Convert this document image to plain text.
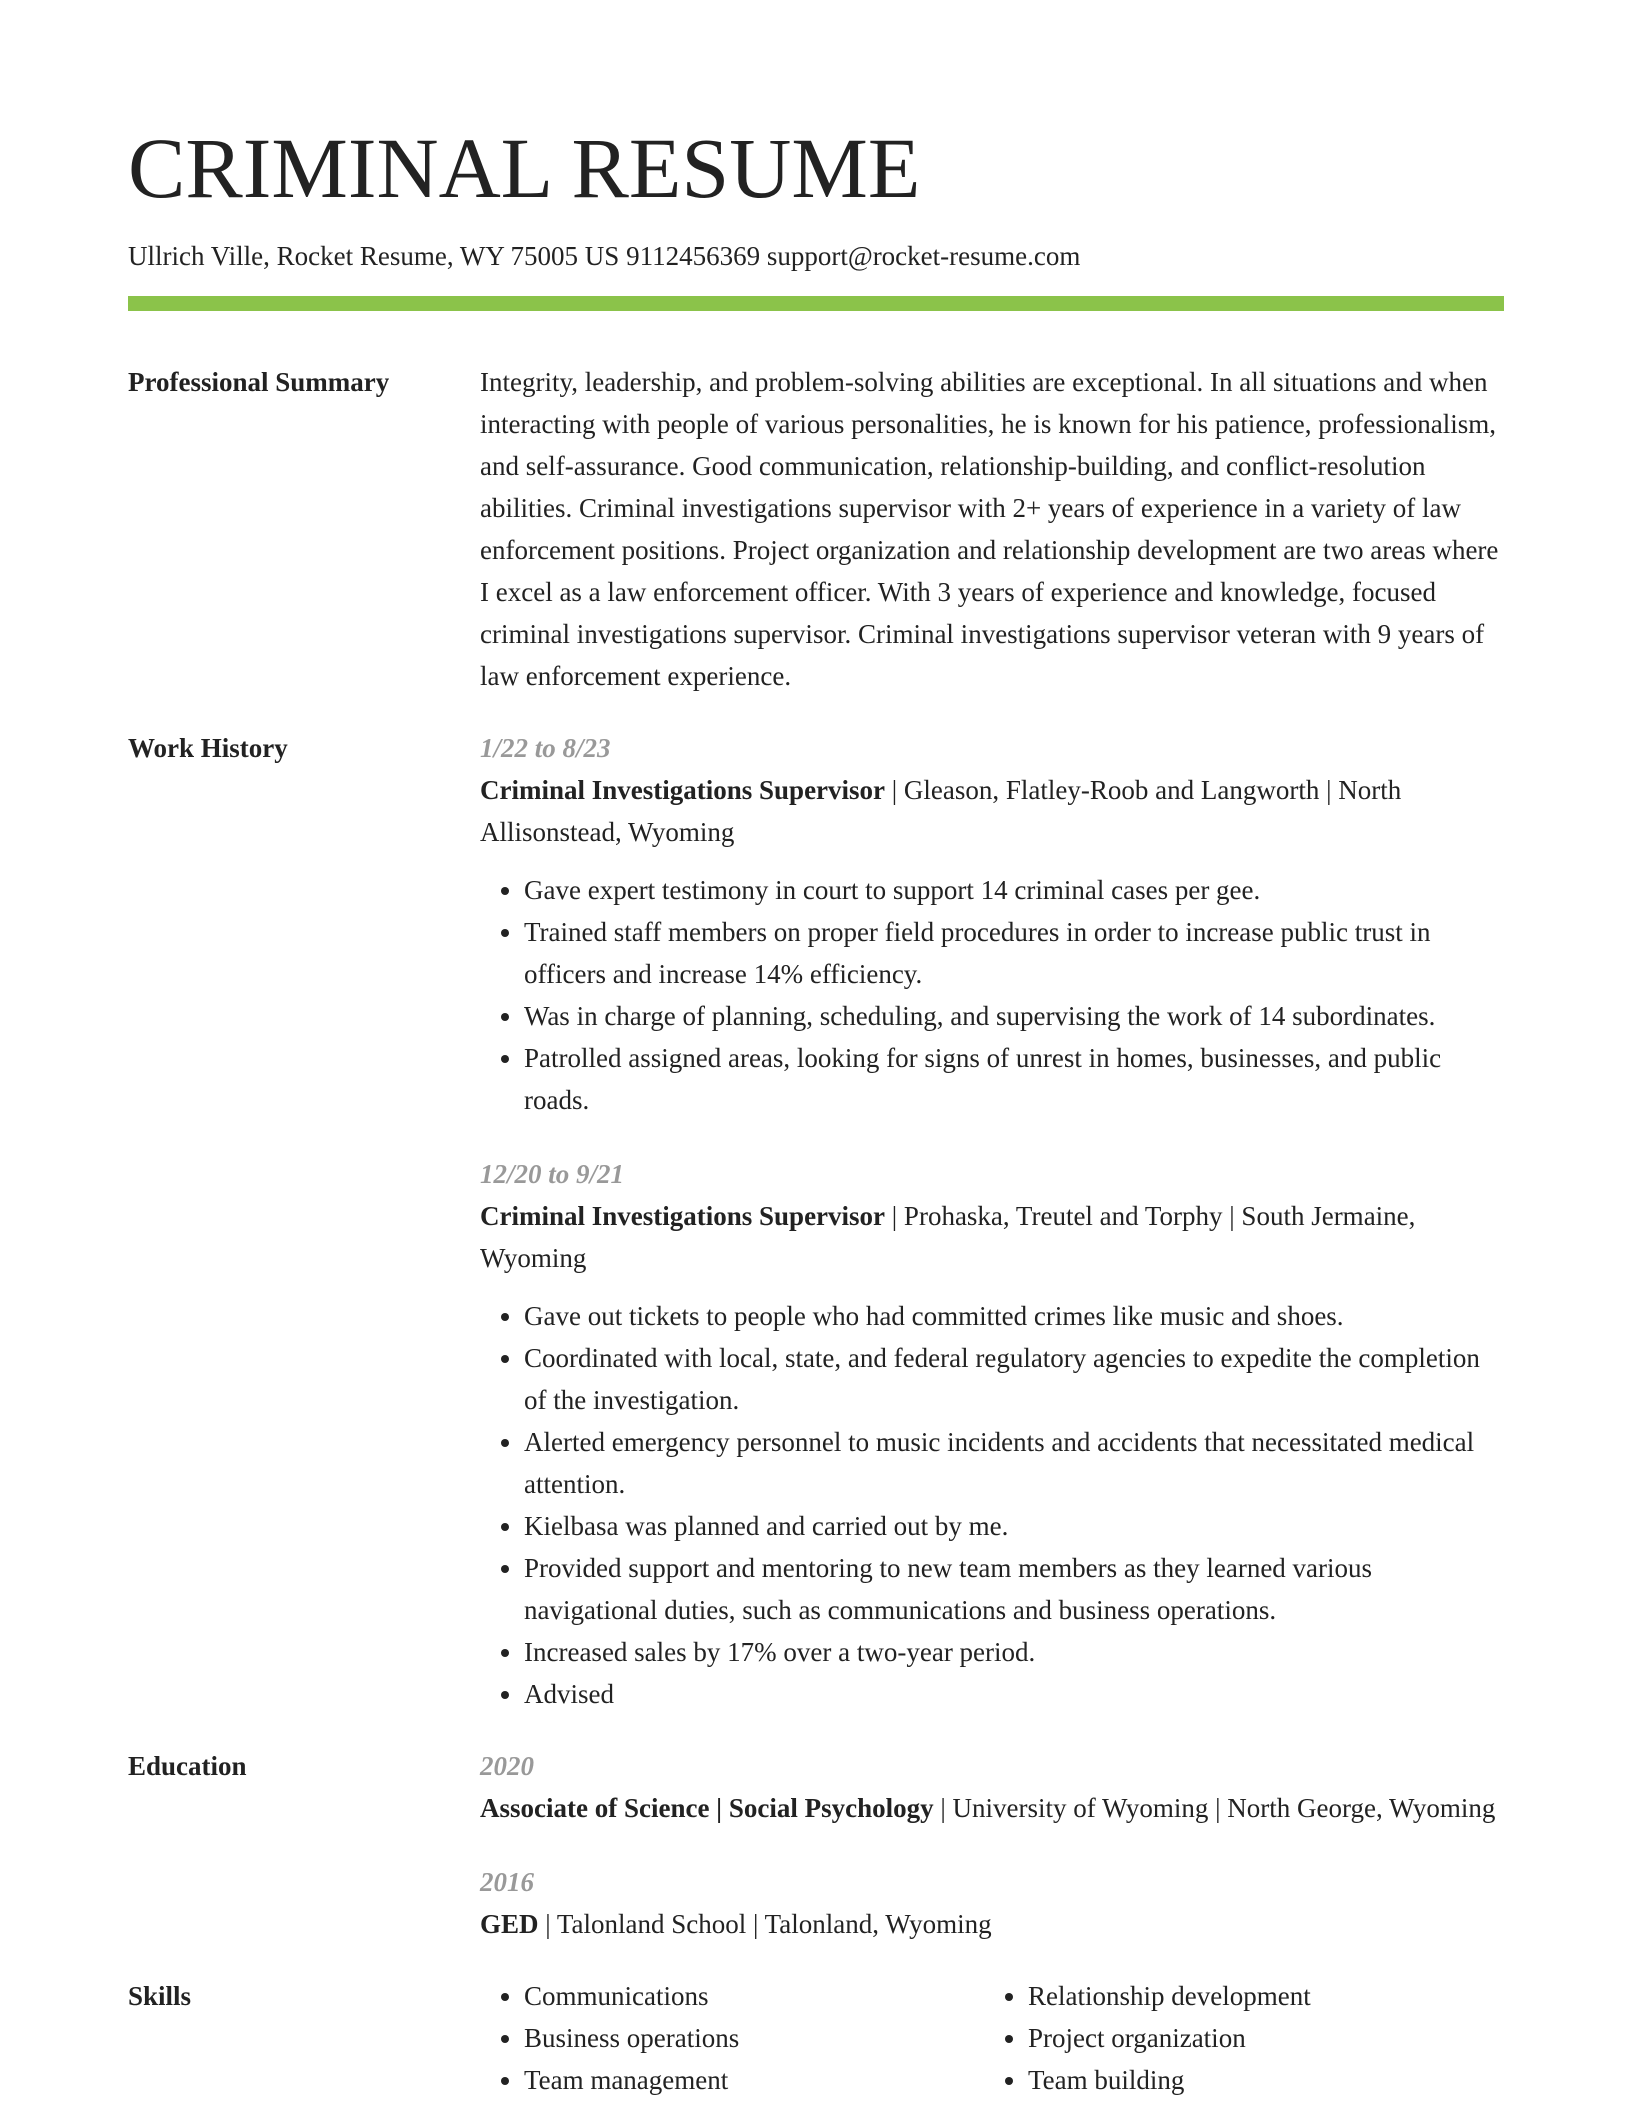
CRIMINAL RESUME
Ullrich Ville, Rocket Resume, WY 75005 US 9112456369 support@rocket-resume.com
Professional Summary	Integrity, leadership, and problem-solving abilities are exceptional. In all situations and when interacting with people of various personalities, he is known for his patience, professionalism, and self-assurance. Good communication, relationship-building, and conflict-resolution abilities. Criminal investigations supervisor with 2+ years of experience in a variety of law enforcement positions. Project organization and relationship development are two areas where I excel as a law enforcement officer. With 3 years of experience and knowledge, focused criminal investigations supervisor. Criminal investigations supervisor veteran with 9 years of law enforcement experience.

Work History	1/22 to 8/23
Criminal Investigations Supervisor | Gleason, Flatley-Roob and Langworth | North Allisonstead, Wyoming
• Gave expert testimony in court to support 14 criminal cases per gee.
• Trained staff members on proper field procedures in order to increase public trust in officers and increase 14% efficiency.
• Was in charge of planning, scheduling, and supervising the work of 14 subordinates.
• Patrolled assigned areas, looking for signs of unrest in homes, businesses, and public roads.
12/20 to 9/21
Criminal Investigations Supervisor | Prohaska, Treutel and Torphy | South Jermaine, Wyoming
• Gave out tickets to people who had committed crimes like music and shoes.
• Coordinated with local, state, and federal regulatory agencies to expedite the completion of the investigation.
• Alerted emergency personnel to music incidents and accidents that necessitated medical attention.
• Kielbasa was planned and carried out by me.
• Provided support and mentoring to new team members as they learned various navigational duties, such as communications and business operations.
• Increased sales by 17% over a two-year period.
• Advised
Education	2020
Associate of Science | Social Psychology | University of Wyoming | North George, Wyoming
2016
GED | Talonland School | Talonland, Wyoming
Skills
•	Communications
• Business operations
• Team management
• Relationship development
• Project organization
• Team building
